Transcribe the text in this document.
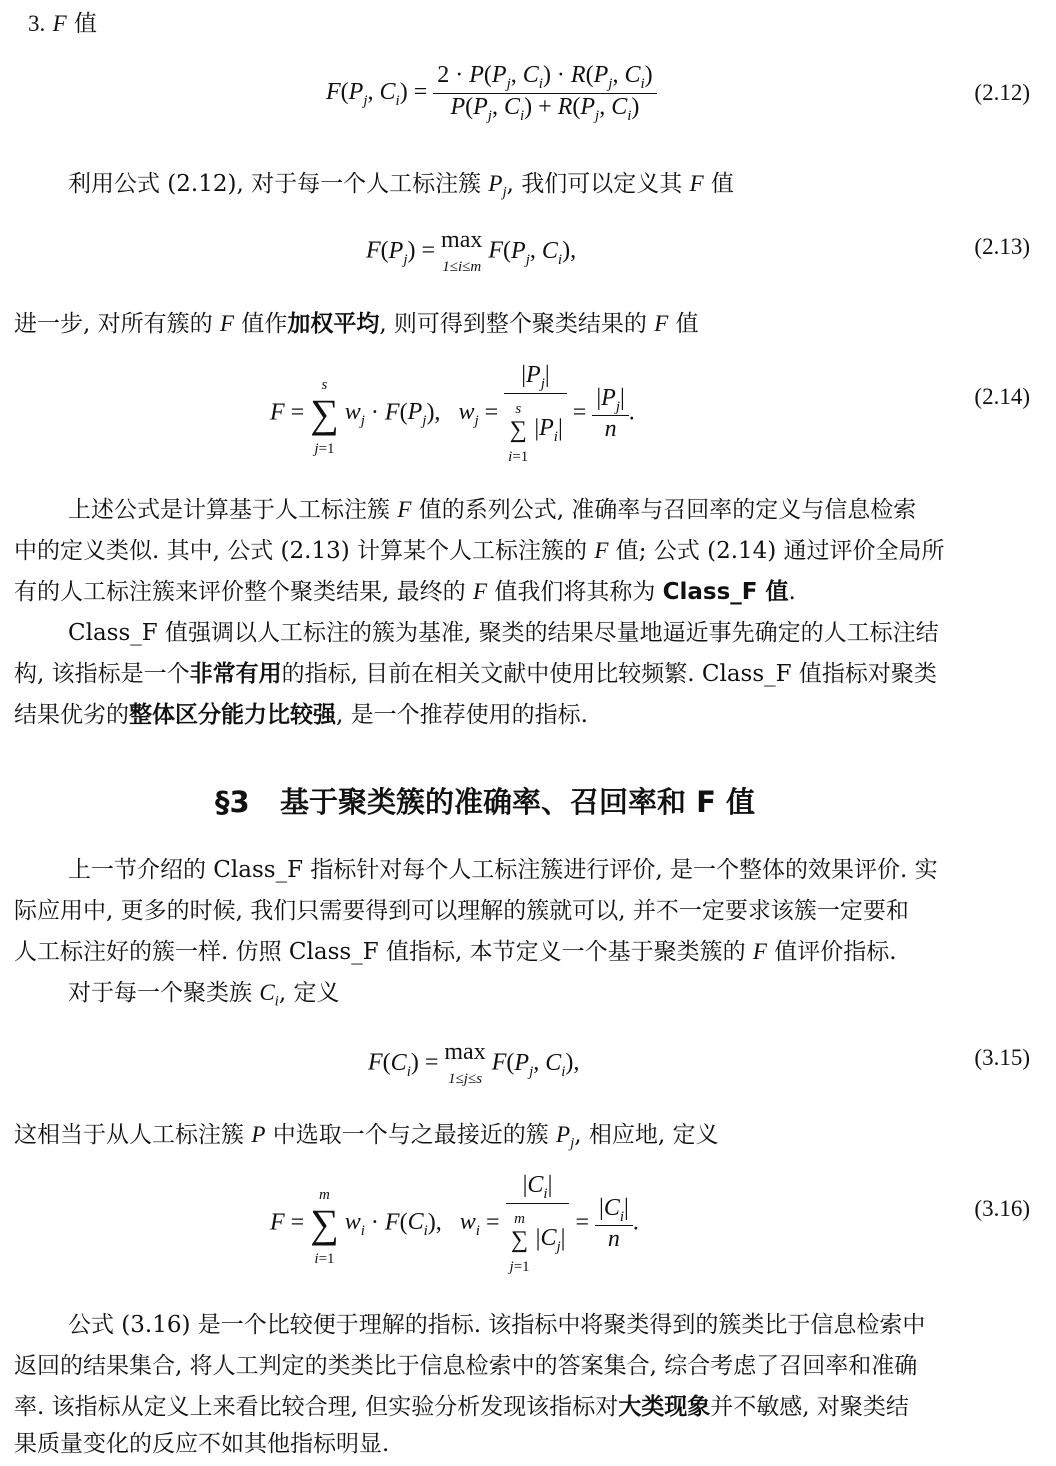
3. F 值
$F(P_j$, $C_i) = \frac{2 \cdot P(P_j, C_i) \cdot R(P_j, C_i)}{P(P_j, C_i) + R(P_j, C_i)}$	(2.12)
利用公式 (2.12), 对于每一个人工标注簇 $P_j$, 我们可以定义其 F 值
$F(P_j) = \max$
1≤i≤m $F(P_j$, $C_i$),	(2.13)
进一步, 对所有簇的 F 值作加权平均, 则可得到整个聚类结果的 F 值
F = s
∑
j=1 $w_j \cdot F(P_j)$,   $w_j$ =
$|P_j|$
s
∑
i=1 $|P_i|$
= $\frac{|P_j|}{n}$ .
(2.14)
上述公式是计算基于人工标注簇 F 值的系列公式, 准确率与召回率的定义与信息检索
中的定义类似. 其中, 公式 (2.13) 计算某个人工标注簇的 F 值; 公式 (2.14) 通过评价全局所
有的人工标注簇来评价整个聚类结果, 最终的 F 值我们将其称为 Class_F 值.
Class_F 值强调以人工标注的簇为基准, 聚类的结果尽量地逼近事先确定的人工标注结
构, 该指标是一个非常有用的指标, 目前在相关文献中使用比较频繁. Class_F 值指标对聚类
结果优劣的整体区分能力比较强, 是一个推荐使用的指标.
§3 基于聚类簇的准确率、召回率和 F 值
上一节介绍的 Class_F 指标针对每个人工标注簇进行评价, 是一个整体的效果评价. 实
际应用中, 更多的时候, 我们只需要得到可以理解的簇就可以, 并不一定要求该簇一定要和
人工标注好的簇一样. 仿照 Class_F 值指标, 本节定义一个基于聚类簇的 F 值评价指标.
对于每一个聚类族 $C_i$, 定义
$F(C_i) = \max$
1≤j≤s $F(P_j$, $C_i$),	(3.15)
这相当于从人工标注簇 P 中选取一个与之最接近的簇 $P_j$, 相应地, 定义
F = m
∑
i=1 $w_i \cdot F(C_i)$,   $w_i$ =
$|C_i|$
m
∑
j=1 $|C_j|$
= $\frac{|C_i|}{n}$ .
(3.16)
公式 (3.16) 是一个比较便于理解的指标. 该指标中将聚类得到的簇类比于信息检索中
返回的结果集合, 将人工判定的类类比于信息检索中的答案集合, 综合考虑了召回率和准确
率. 该指标从定义上来看比较合理, 但实验分析发现该指标对大类现象并不敏感, 对聚类结
果质量变化的反应不如其他指标明显.
